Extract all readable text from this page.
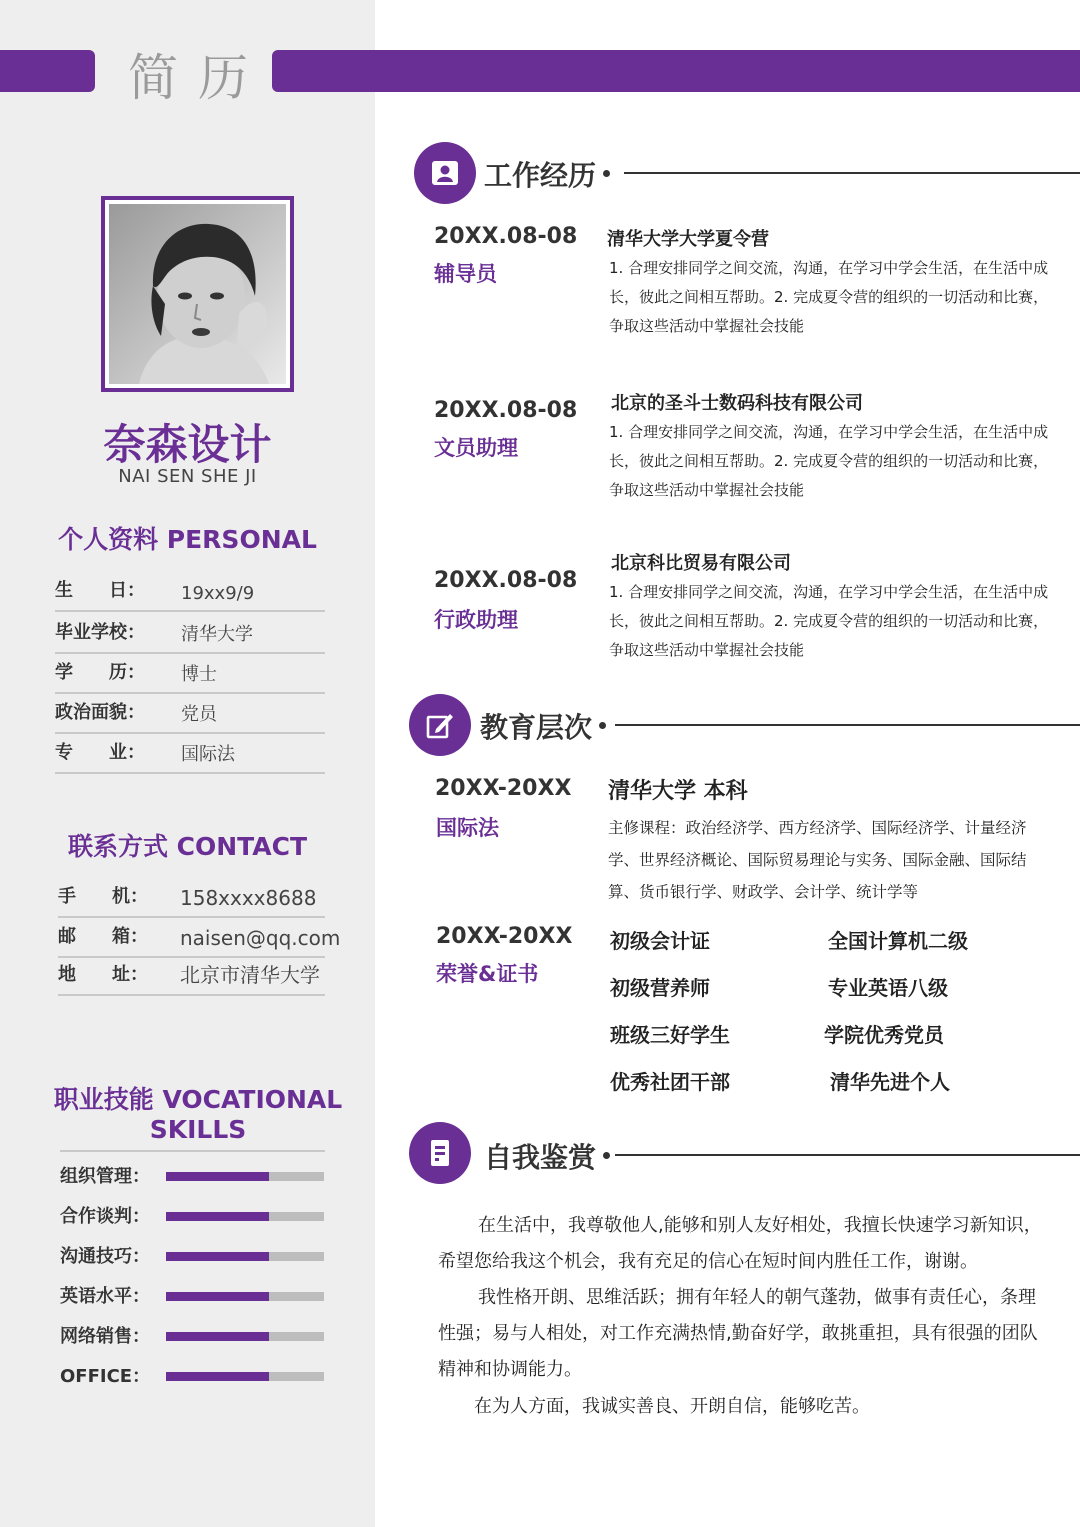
简历
奈森设计
NAI SEN SHE JI
个人资料 PERSONAL
生　　日：	19xx9/9
毕业学校：	清华大学
学　　历：	博士
政治面貌：	党员
专　　业：	国际法
联系方式 CONTACT
手　　机：	158xxxx8688
邮　　箱：	naisen@qq.com
地　　址：	北京市清华大学
职业技能 VOCATIONAL SKILLS
组织管理：
合作谈判：
沟通技巧：
英语水平：
网络销售：
OFFICE：
工作经历
20XX.08-08
辅导员
清华大学大学夏令营
1. 合理安排同学之间交流，沟通，在学习中学会生活，在生活中成长，彼此之间相互帮助。2. 完成夏令营的组织的一切活动和比赛，争取这些活动中掌握社会技能
20XX.08-08
文员助理
北京的圣斗士数码科技有限公司
1. 合理安排同学之间交流，沟通，在学习中学会生活，在生活中成长，彼此之间相互帮助。2. 完成夏令营的组织的一切活动和比赛，争取这些活动中掌握社会技能
20XX.08-08
行政助理
北京科比贸易有限公司
1. 合理安排同学之间交流，沟通，在学习中学会生活，在生活中成长，彼此之间相互帮助。2. 完成夏令营的组织的一切活动和比赛，争取这些活动中掌握社会技能
教育层次
20XX-20XX
国际法
清华大学 本科
主修课程：政治经济学、西方经济学、国际经济学、计量经济学、世界经济概论、国际贸易理论与实务、国际金融、国际结算、货币银行学、财政学、会计学、统计学等
20XX-20XX
荣誉&证书
初级会计证	全国计算机二级
初级营养师	专业英语八级
班级三好学生	学院优秀党员
优秀社团干部	清华先进个人
自我鉴赏
在生活中，我尊敬他人,能够和别人友好相处，我擅长快速学习新知识，希望您给我这个机会，我有充足的信心在短时间内胜任工作，谢谢。
我性格开朗、思维活跃；拥有年轻人的朝气蓬勃，做事有责任心，条理性强；易与人相处，对工作充满热情,勤奋好学，敢挑重担，具有很强的团队精神和协调能力。
在为人方面，我诚实善良、开朗自信，能够吃苦。
